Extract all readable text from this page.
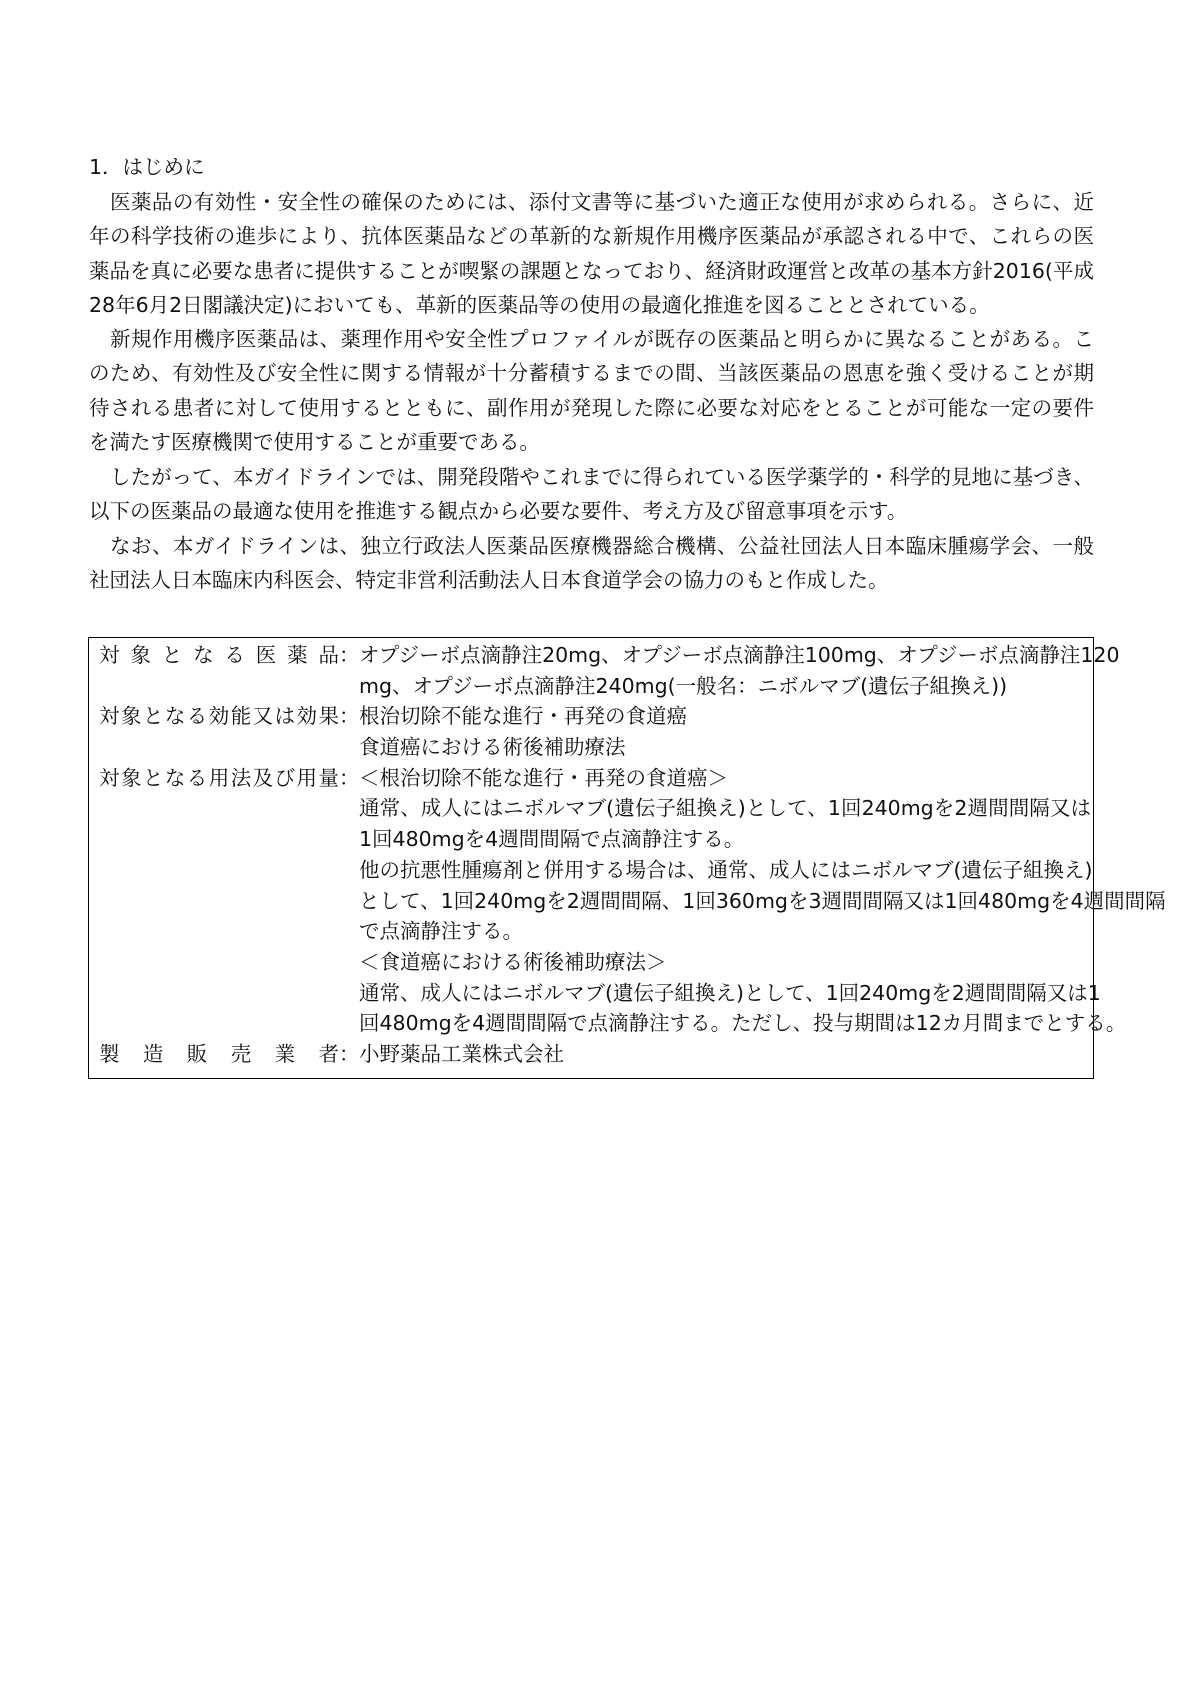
1．はじめに
医薬品の有効性・安全性の確保のためには、添付文書等に基づいた適正な使用が求められる。さらに、近
年の科学技術の進歩により、抗体医薬品などの革新的な新規作用機序医薬品が承認される中で、これらの医
薬品を真に必要な患者に提供することが喫緊の課題となっており、経済財政運営と改革の基本方針2016(平成
28年6月2日閣議決定)においても、革新的医薬品等の使用の最適化推進を図ることとされている。
新規作用機序医薬品は、薬理作用や安全性プロファイルが既存の医薬品と明らかに異なることがある。こ
のため、有効性及び安全性に関する情報が十分蓄積するまでの間、当該医薬品の恩恵を強く受けることが期
待される患者に対して使用するとともに、副作用が発現した際に必要な対応をとることが可能な一定の要件
を満たす医療機関で使用することが重要である。
したがって、本ガイドラインでは、開発段階やこれまでに得られている医学薬学的・科学的見地に基づき、
以下の医薬品の最適な使用を推進する観点から必要な要件、考え方及び留意事項を示す。
なお、本ガイドラインは、独立行政法人医薬品医療機器総合機構、公益社団法人日本臨床腫瘍学会、一般
社団法人日本臨床内科医会、特定非営利活動法人日本食道学会の協力のもと作成した。
対象となる医薬品 ： オプジーボ点滴静注20mg、オプジーボ点滴静注100mg、オプジーボ点滴静注120
mg、オプジーボ点滴静注240mg(一般名：ニボルマブ(遺伝子組換え))
対象となる効能又は効果 ： 根治切除不能な進行・再発の食道癌
食道癌における術後補助療法
対象となる用法及び用量 ： ＜根治切除不能な進行・再発の食道癌＞
通常、成人にはニボルマブ(遺伝子組換え)として、1回240mgを2週間間隔又は
1回480mgを4週間間隔で点滴静注する。
他の抗悪性腫瘍剤と併用する場合は、通常、成人にはニボルマブ(遺伝子組換え)
として、1回240mgを2週間間隔、1回360mgを3週間間隔又は1回480mgを4週間間隔
で点滴静注する。
＜食道癌における術後補助療法＞
通常、成人にはニボルマブ(遺伝子組換え)として、1回240mgを2週間間隔又は1
回480mgを4週間間隔で点滴静注する。ただし、投与期間は12カ月間までとする。
製造販売業者 ： 小野薬品工業株式会社
